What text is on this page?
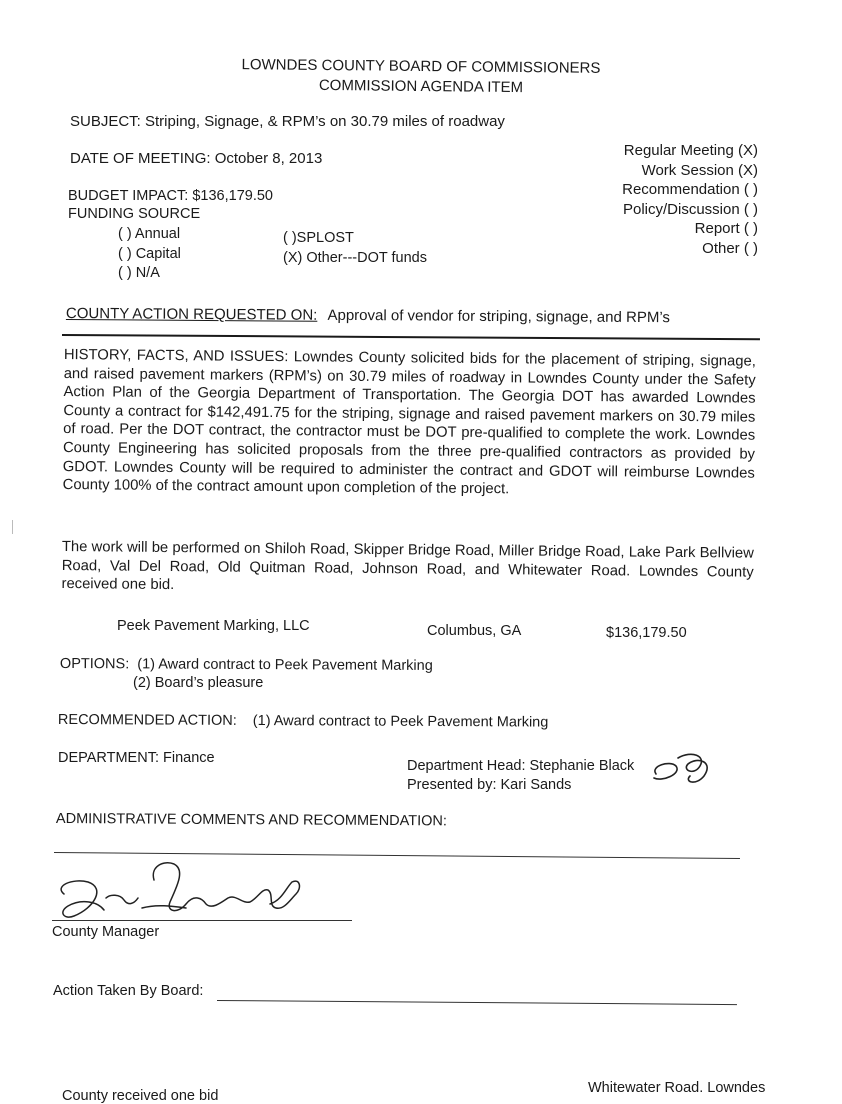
LOWNDES COUNTY BOARD OF COMMISSIONERS
COMMISSION AGENDA ITEM
SUBJECT: Striping, Signage, & RPM’s on 30.79 miles of roadway
DATE OF MEETING: October 8, 2013
BUDGET IMPACT: $136,179.50
FUNDING SOURCE
( ) Annual
( ) Capital
( ) N/A
( )SPLOST
(X) Other---DOT funds
Regular Meeting (X)
Work Session (X)
Recommendation ( )
Policy/Discussion ( )
Report ( )
Other ( )
COUNTY ACTION REQUESTED ON: Approval of vendor for striping, signage, and RPM’s
HISTORY, FACTS, AND ISSUES: Lowndes County solicited bids for the placement of striping, signage, and raised pavement markers (RPM’s) on 30.79 miles of roadway in Lowndes County under the Safety Action Plan of the Georgia Department of Transportation. The Georgia DOT has awarded Lowndes County a contract for $142,491.75 for the striping, signage and raised pavement markers on 30.79 miles of road. Per the DOT contract, the contractor must be DOT pre-qualified to complete the work. Lowndes County Engineering has solicited proposals from the three pre-qualified contractors as provided by GDOT. Lowndes County will be required to administer the contract and GDOT will reimburse Lowndes County 100% of the contract amount upon completion of the project.
The work will be performed on Shiloh Road, Skipper Bridge Road, Miller Bridge Road, Lake Park Bellview Road, Val Del Road, Old Quitman Road, Johnson Road, and Whitewater Road. Lowndes County received one bid.
Peek Pavement Marking, LLC	Columbus, GA	$136,179.50
OPTIONS: (1) Award contract to Peek Pavement Marking
(2) Board’s pleasure
RECOMMENDED ACTION: (1) Award contract to Peek Pavement Marking
DEPARTMENT: Finance	Department Head: Stephanie Black
Presented by: Kari Sands
ADMINISTRATIVE COMMENTS AND RECOMMENDATION:
County Manager
Action Taken By Board:
County received one bid	Whitewater Road. Lowndes
